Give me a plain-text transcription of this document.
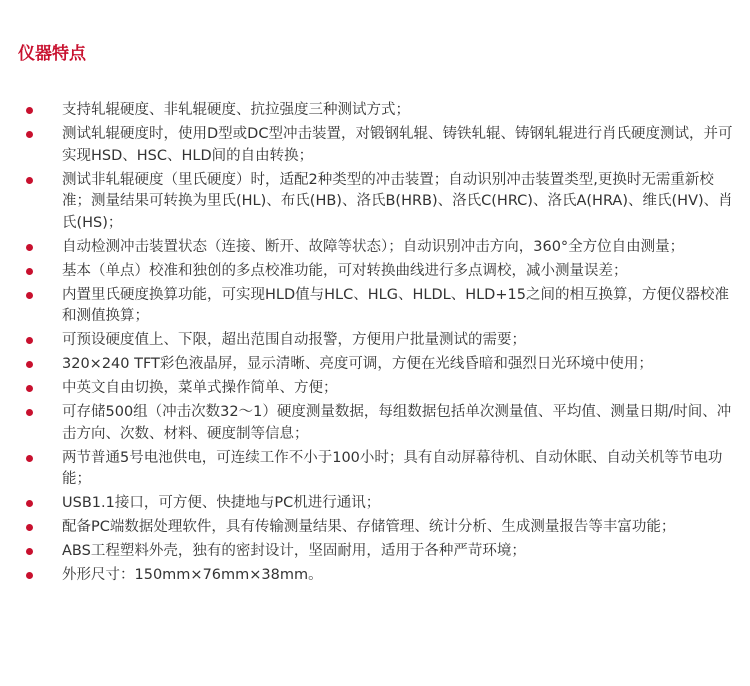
仪器特点
支持轧辊硬度、非轧辊硬度、抗拉强度三种测试方式；
测试轧辊硬度时，使用D型或DC型冲击装置，对锻钢轧辊、铸铁轧辊、铸钢轧辊进行肖氏硬度测试，并可实现HSD、HSC、HLD间的自由转换；
测试非轧辊硬度（里氏硬度）时，适配2种类型的冲击装置；自动识别冲击装置类型,更换时无需重新校准；测量结果可转换为里氏(HL)、布氏(HB)、洛氏B(HRB)、洛氏C(HRC)、洛氏A(HRA)、维氏(HV)、肖氏(HS)；
自动检测冲击装置状态（连接、断开、故障等状态）；自动识别冲击方向，360°全方位自由测量；
基本（单点）校准和独创的多点校准功能，可对转换曲线进行多点调校，减小测量误差；
内置里氏硬度换算功能，可实现HLD值与HLC、HLG、HLDL、HLD+15之间的相互换算，方便仪器校准和测值换算；
可预设硬度值上、下限，超出范围自动报警，方便用户批量测试的需要；
320×240 TFT彩色液晶屏，显示清晰、亮度可调，方便在光线昏暗和强烈日光环境中使用；
中英文自由切换，菜单式操作简单、方便；
可存储500组（冲击次数32～1）硬度测量数据，每组数据包括单次测量值、平均值、测量日期/时间、冲击方向、次数、材料、硬度制等信息；
两节普通5号电池供电，可连续工作不小于100小时；具有自动屏幕待机、自动休眠、自动关机等节电功能；
USB1.1接口，可方便、快捷地与PC机进行通讯；
配备PC端数据处理软件，具有传输测量结果、存储管理、统计分析、生成测量报告等丰富功能；
ABS工程塑料外壳，独有的密封设计，坚固耐用，适用于各种严苛环境；
外形尺寸：150mm×76mm×38mm。
